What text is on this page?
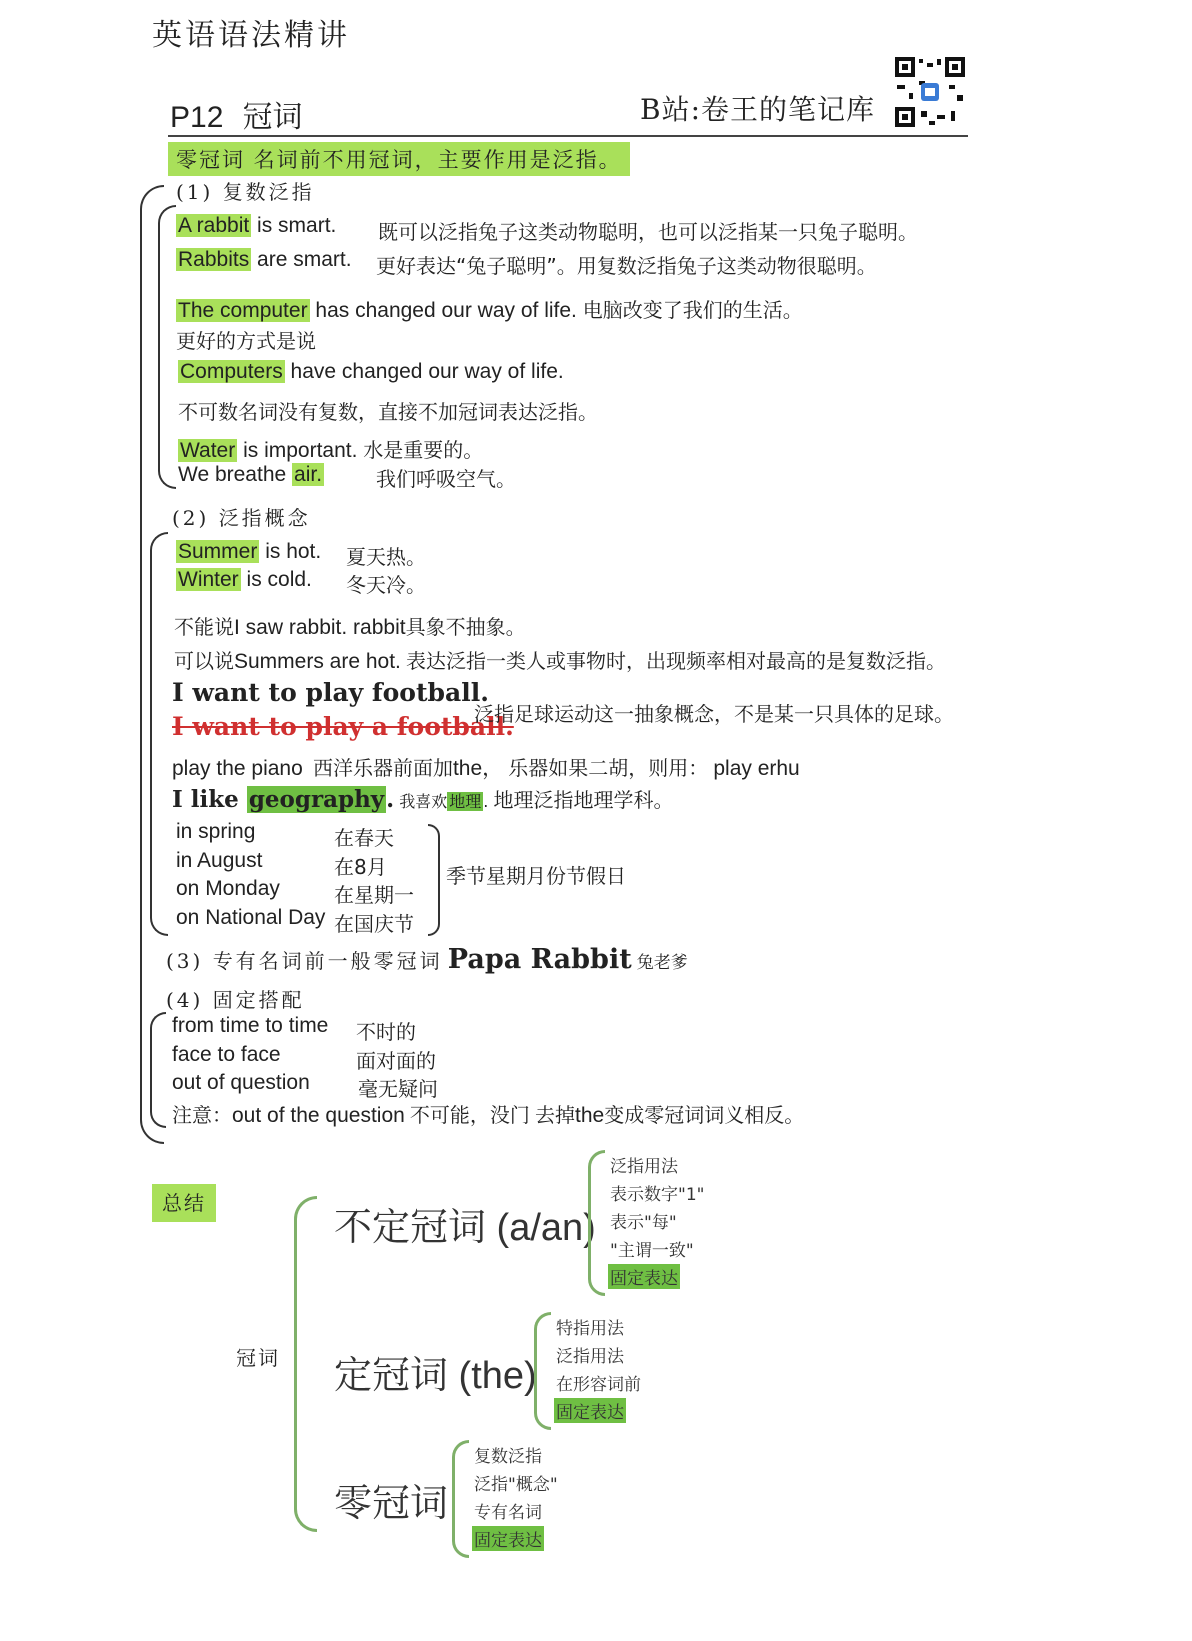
英语语法精讲
P12 冠词	B站:卷王的笔记库
零冠词 名词前不用冠词，主要作用是泛指。
(1) 复数泛指
A rabbit is smart. 既可以泛指兔子这类动物聪明，也可以泛指某一只兔子聪明。
Rabbits are smart. 更好表达“兔子聪明”。用复数泛指兔子这类动物很聪明。
The computer has changed our way of life. 电脑改变了我们的生活。
更好的方式是说
Computers have changed our way of life.
不可数名词没有复数，直接不加冠词表达泛指。
Water is important. 水是重要的。
We breathe air.	我们呼吸空气。
(2) 泛指概念
Summer is hot. 夏天热。
Winter is cold. 冬天冷。
不能说I saw rabbit. rabbit具象不抽象。
可以说Summers are hot. 表达泛指一类人或事物时，出现频率相对最高的是复数泛指。
I want to play football.
I want to play a football.
泛指足球运动这一抽象概念，不是某一只具体的足球。
play the piano 西洋乐器前面加the， 乐器如果二胡，则用： play erhu
I like geography. 我喜欢 地理 . 地理泛指地理学科。
in spring	在春天
in August	在8月
on Monday	在星期一
on National Day 在国庆节
季节星期月份节假日
(3) 专有名词前一般零冠词 Papa Rabbit 兔老爹
(4) 固定搭配
from time to time 不时的
face to face	面对面的
out of question 毫无疑问
注意：out of the question 不可能，没门 去掉the变成零冠词词义相反。
总结
冠词
不定冠词 (a/an)
泛指用法
表示数字"1"
表示"每"
"主谓一致"
固定表达
定冠词 (the)
特指用法
泛指用法
在形容词前
固定表达
零冠词
复数泛指
泛指"概念"
专有名词
固定表达
